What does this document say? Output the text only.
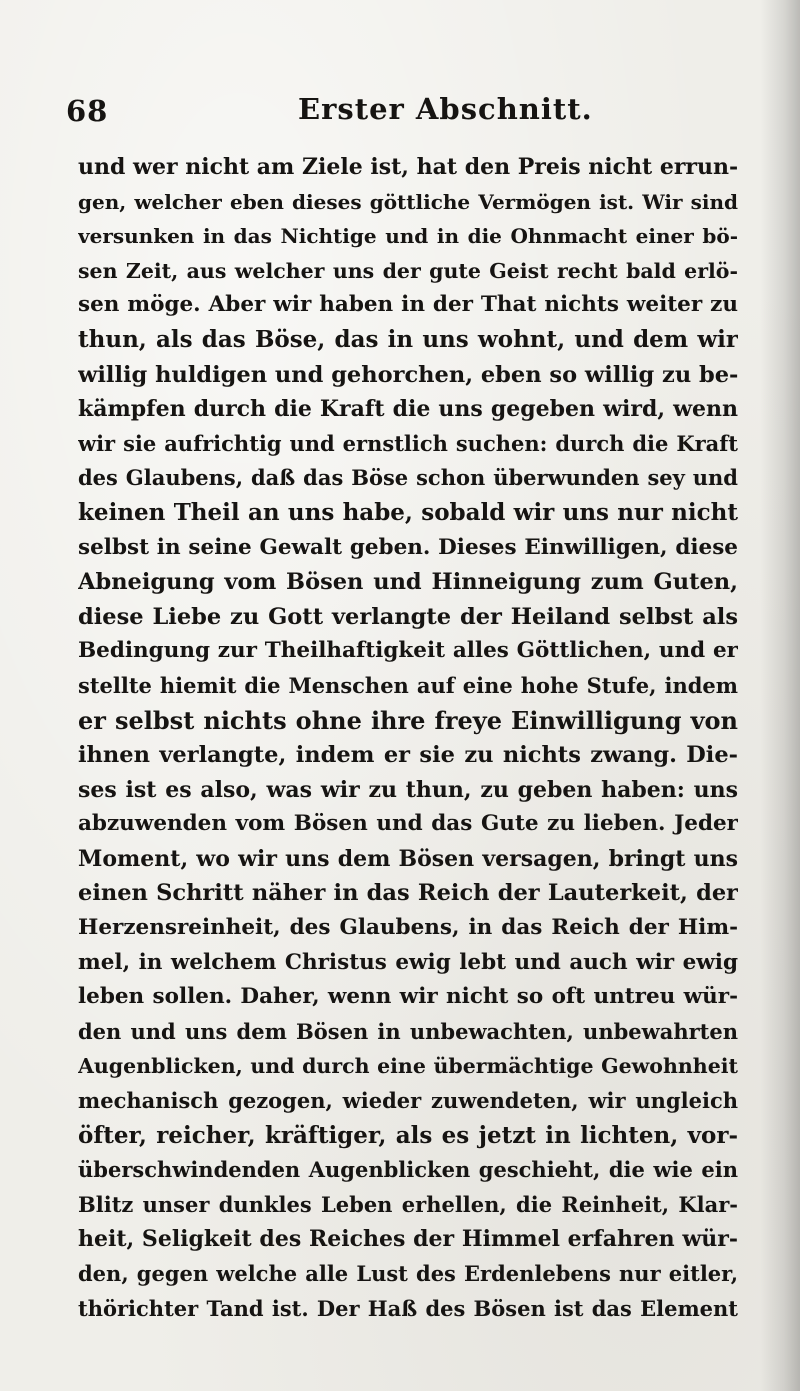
68	Erster Abschnitt.
und wer nicht am Ziele ist, hat den Preis nicht errun-
gen, welcher eben dieses göttliche Vermögen ist. Wir sind
versunken in das Nichtige und in die Ohnmacht einer bö-
sen Zeit, aus welcher uns der gute Geist recht bald erlö-
sen möge. Aber wir haben in der That nichts weiter zu
thun, als das Böse, das in uns wohnt, und dem wir
willig huldigen und gehorchen, eben so willig zu be-
kämpfen durch die Kraft die uns gegeben wird, wenn
wir sie aufrichtig und ernstlich suchen: durch die Kraft
des Glaubens, daß das Böse schon überwunden sey und
keinen Theil an uns habe, sobald wir uns nur nicht
selbst in seine Gewalt geben. Dieses Einwilligen, diese
Abneigung vom Bösen und Hinneigung zum Guten,
diese Liebe zu Gott verlangte der Heiland selbst als
Bedingung zur Theilhaftigkeit alles Göttlichen, und er
stellte hiemit die Menschen auf eine hohe Stufe, indem
er selbst nichts ohne ihre freye Einwilligung von
ihnen verlangte, indem er sie zu nichts zwang. Die-
ses ist es also, was wir zu thun, zu geben haben: uns
abzuwenden vom Bösen und das Gute zu lieben. Jeder
Moment, wo wir uns dem Bösen versagen, bringt uns
einen Schritt näher in das Reich der Lauterkeit, der
Herzensreinheit, des Glaubens, in das Reich der Him-
mel, in welchem Christus ewig lebt und auch wir ewig
leben sollen. Daher, wenn wir nicht so oft untreu wür-
den und uns dem Bösen in unbewachten, unbewahrten
Augenblicken, und durch eine übermächtige Gewohnheit
mechanisch gezogen, wieder zuwendeten, wir ungleich
öfter, reicher, kräftiger, als es jetzt in lichten, vor-
überschwindenden Augenblicken geschieht, die wie ein
Blitz unser dunkles Leben erhellen, die Reinheit, Klar-
heit, Seligkeit des Reiches der Himmel erfahren wür-
den, gegen welche alle Lust des Erdenlebens nur eitler,
thörichter Tand ist. Der Haß des Bösen ist das Element
